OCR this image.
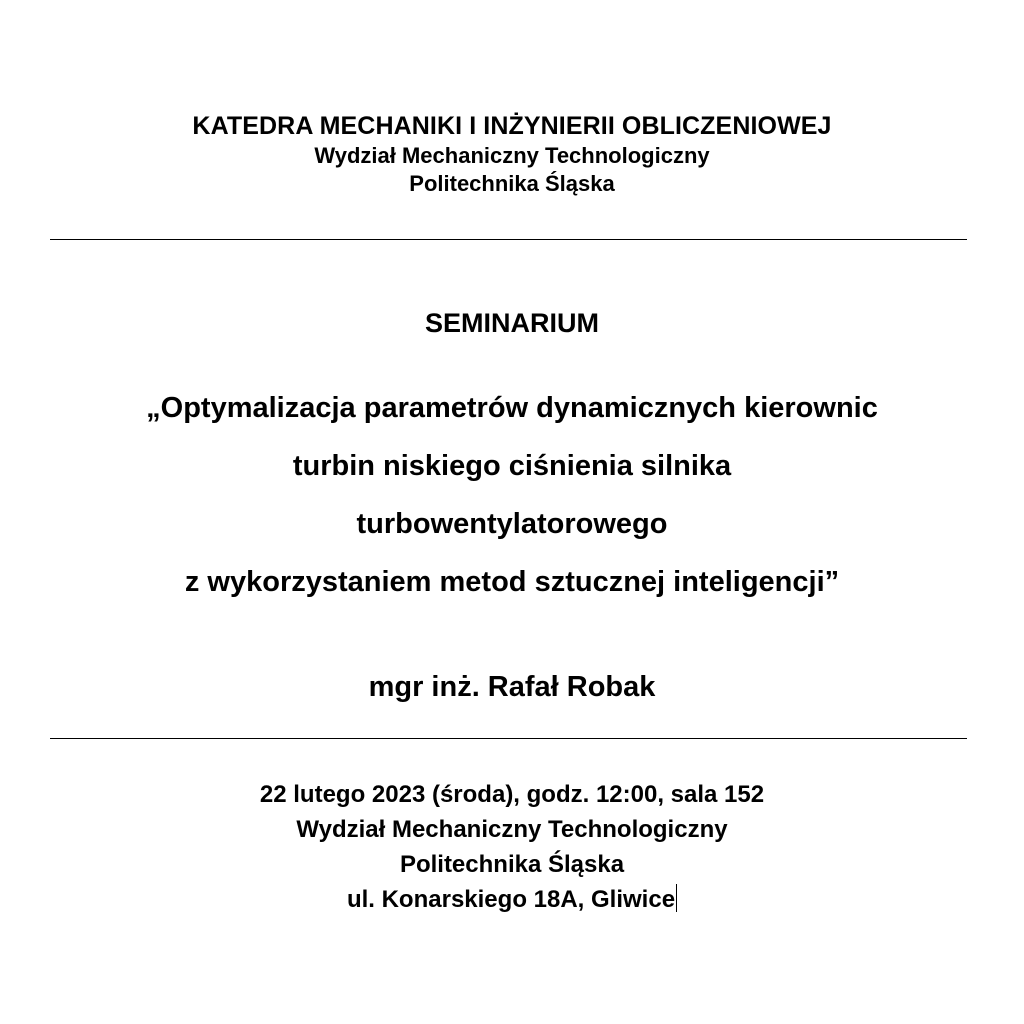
KATEDRA MECHANIKI I INŻYNIERII OBLICZENIOWEJ
Wydział Mechaniczny Technologiczny
Politechnika Śląska
SEMINARIUM
„Optymalizacja parametrów dynamicznych kierownic
turbin niskiego ciśnienia silnika
turbowentylatorowego
z wykorzystaniem metod sztucznej inteligencji”
mgr inż. Rafał Robak
22 lutego 2023 (środa), godz. 12:00, sala 152
Wydział Mechaniczny Technologiczny
Politechnika Śląska
ul. Konarskiego 18A, Gliwice
